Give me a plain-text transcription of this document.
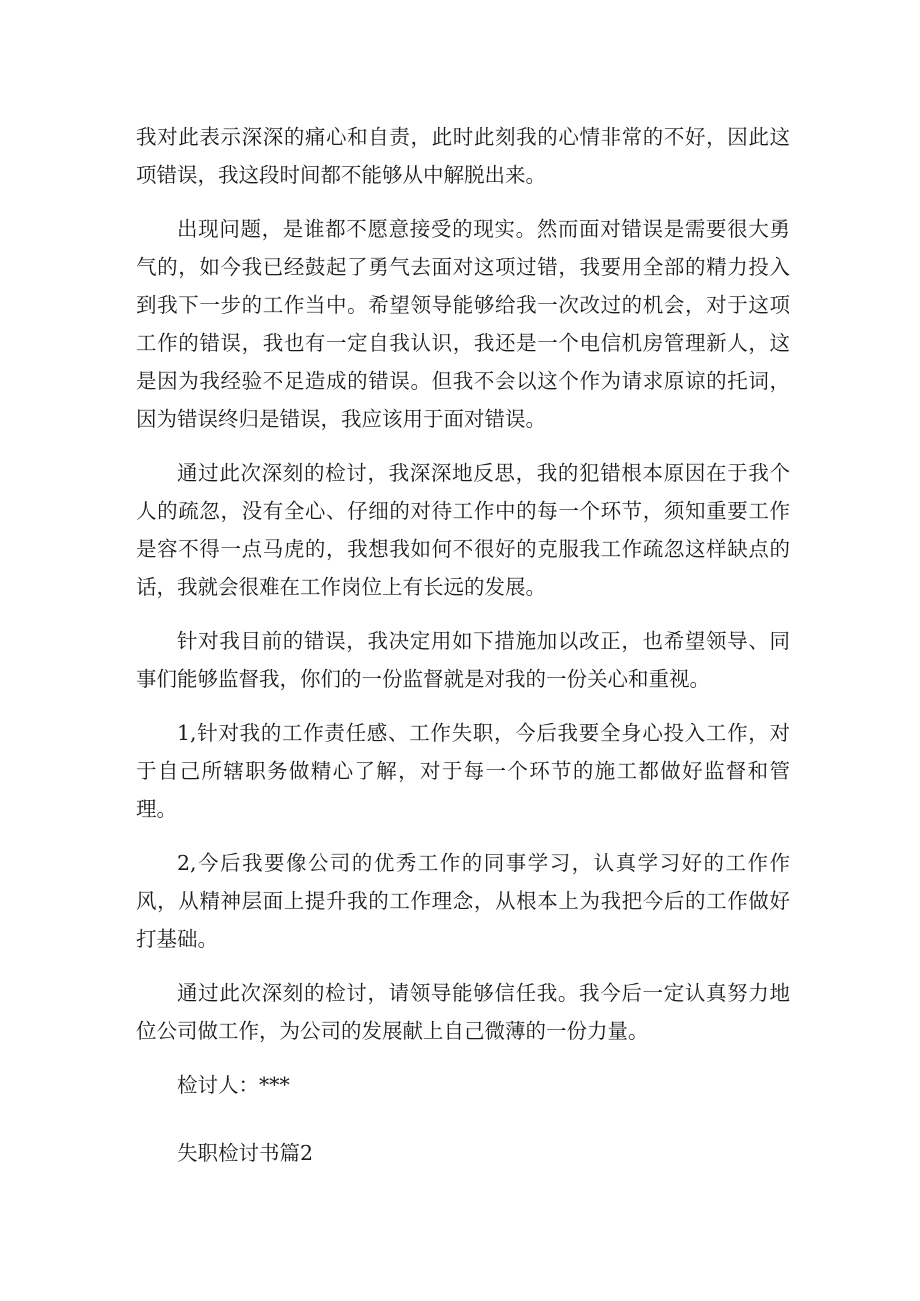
我对此表示深深的痛心和自责，此时此刻我的心情非常的不好，因此这项错误，我这段时间都不能够从中解脱出来。

出现问题，是谁都不愿意接受的现实。然而面对错误是需要很大勇气的，如今我已经鼓起了勇气去面对这项过错，我要用全部的精力投入到我下一步的工作当中。希望领导能够给我一次改过的机会，对于这项工作的错误，我也有一定自我认识，我还是一个电信机房管理新人，这是因为我经验不足造成的错误。但我不会以这个作为请求原谅的托词，因为错误终归是错误，我应该用于面对错误。

通过此次深刻的检讨，我深深地反思，我的犯错根本原因在于我个人的疏忽，没有全心、仔细的对待工作中的每一个环节，须知重要工作是容不得一点马虎的，我想我如何不很好的克服我工作疏忽这样缺点的话，我就会很难在工作岗位上有长远的发展。

针对我目前的错误，我决定用如下措施加以改正，也希望领导、同事们能够监督我，你们的一份监督就是对我的一份关心和重视。

1,针对我的工作责任感、工作失职，今后我要全身心投入工作，对于自己所辖职务做精心了解，对于每一个环节的施工都做好监督和管理。

2,今后我要像公司的优秀工作的同事学习，认真学习好的工作作风，从精神层面上提升我的工作理念，从根本上为我把今后的工作做好打基础。

通过此次深刻的检讨，请领导能够信任我。我今后一定认真努力地位公司做工作，为公司的发展献上自己微薄的一份力量。

检讨人：***

失职检讨书篇2
